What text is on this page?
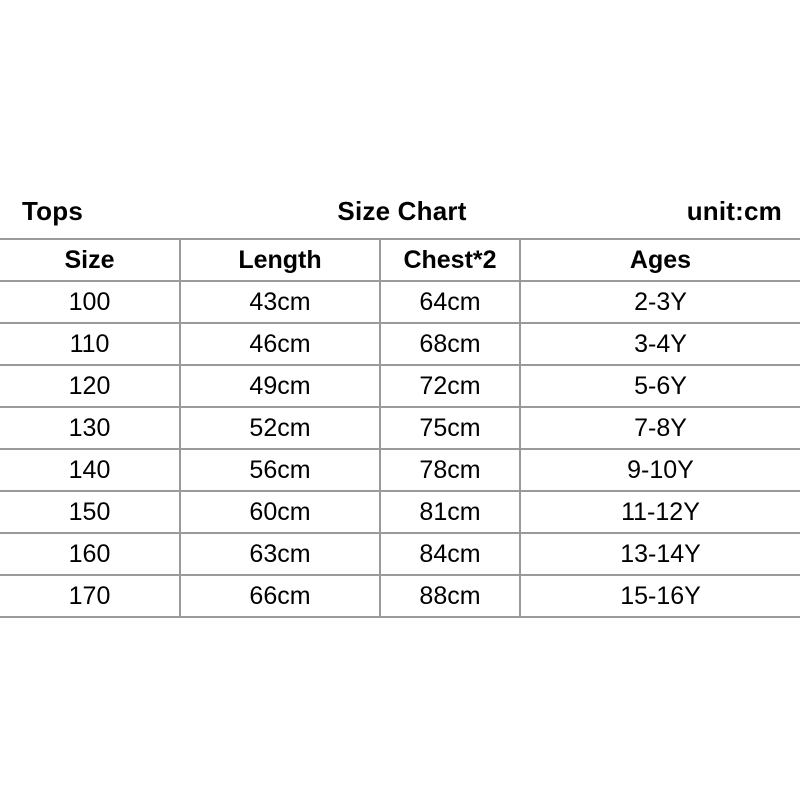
Tops	Size Chart	unit:cm
Size	Length	Chest*2	Ages
100	43cm	64cm	2-3Y
110	46cm	68cm	3-4Y
120	49cm	72cm	5-6Y
130	52cm	75cm	7-8Y
140	56cm	78cm	9-10Y
150	60cm	81cm	11-12Y
160	63cm	84cm	13-14Y
170	66cm	88cm	15-16Y
